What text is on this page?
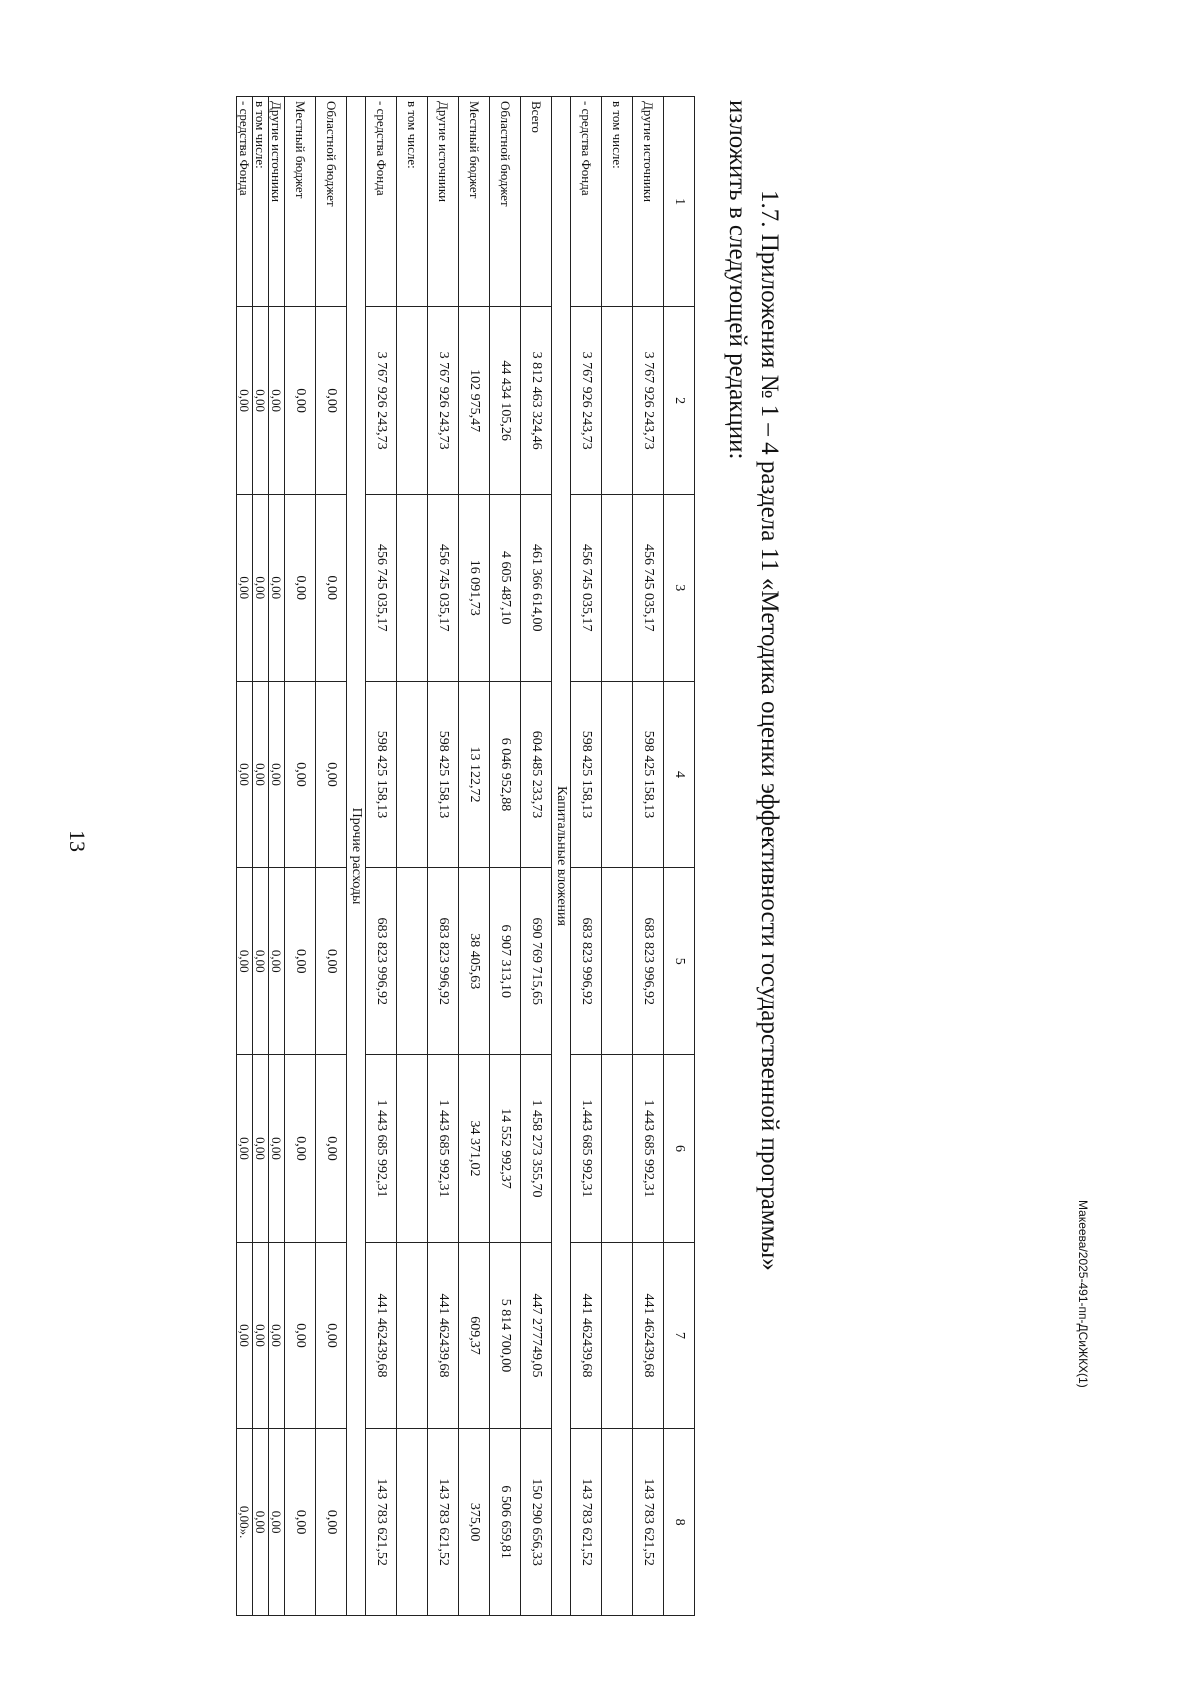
13
1	2	3	4	5	6	7	8
Другие источники	3 767 926 243,73	456 745 035,17	598 425 158,13	683 823 996,92	1 443 685 992,31	441 462439,68	143 783 621,52
в том числе:							
- средства Фонда	3 767 926 243,73	456 745 035,17	598 425 158,13	683 823 996,92	1.443 685 992,31	441 462439,68	143 783 621,52
Капитальные вложения							
Всего	3 812 463 324,46	461 366 614,00	604 485 233,73	690 769 715,65	1 458 273 355,70	447 277749,05	150 290 656,33
Областной бюджет	44 434 105,26	4 605 487,10	6 046 952,88	6 907 313,10	14 552 992,37	5 814 700,00	6 506 659,81
Местный бюджет	102 975,47	16 091,73	13 122,72	38 405,63	34 371,02	609,37	375,00
Другие источники	3 767 926 243,73	456 745 035,17	598 425 158,13	683 823 996,92	1 443 685 992,31	441 462439,68	143 783 621,52
в том числе:							
- средства Фонда	3 767 926 243,73	456 745 035,17	598 425 158,13	683 823 996,92	1 443 685 992,31	441 462439,68	143 783 621,52
Прочие расходы							
Областной бюджет	0,00	0,00	0,00	0,00	0,00	0,00	0,00
Местный бюджет	0,00	0,00	0,00	0,00	0,00	0,00	0,00
Другие источники	0,00	0,00	0,00	0,00	0,00	0,00	0,00
в том числе:	0,00	0,00	0,00	0,00	0,00	0,00	0,00
- средства Фонда	0,00	0,00	0,00	0,00	0,00	0,00	0,00».
1.7. Приложения № 1 – 4 раздела 11 «Методика оценки эффективности государственной программы»
изложить в следующей редакции:
Макеева/2025-491-пп-ДСиЖКХ(1)
